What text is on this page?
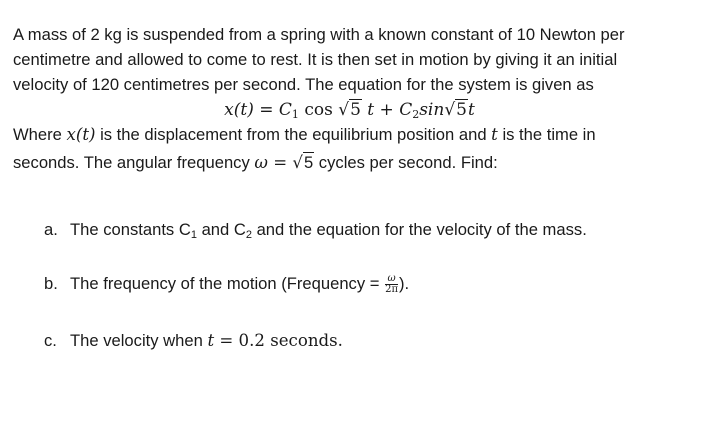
A mass of 2 kg is suspended from a spring with a known constant of 10 Newton per
centimetre and allowed to come to rest. It is then set in motion by giving it an initial
velocity of 120 centimetres per second. The equation for the system is given as
$x(t) = C_1$ cos √5 $t + C_2\sin√5t$
Where x(t) is the displacement from the equilibrium position and t is the time in
seconds. The angular frequency ω = √5 cycles per second. Find:
a. The constants $C_1$ and $C_2$ and the equation for the velocity of the mass.
b. The frequency of the motion (Frequency = $\frac{\omega}{2\pi}$ ).
c. The velocity when t = 0.2 seconds.
